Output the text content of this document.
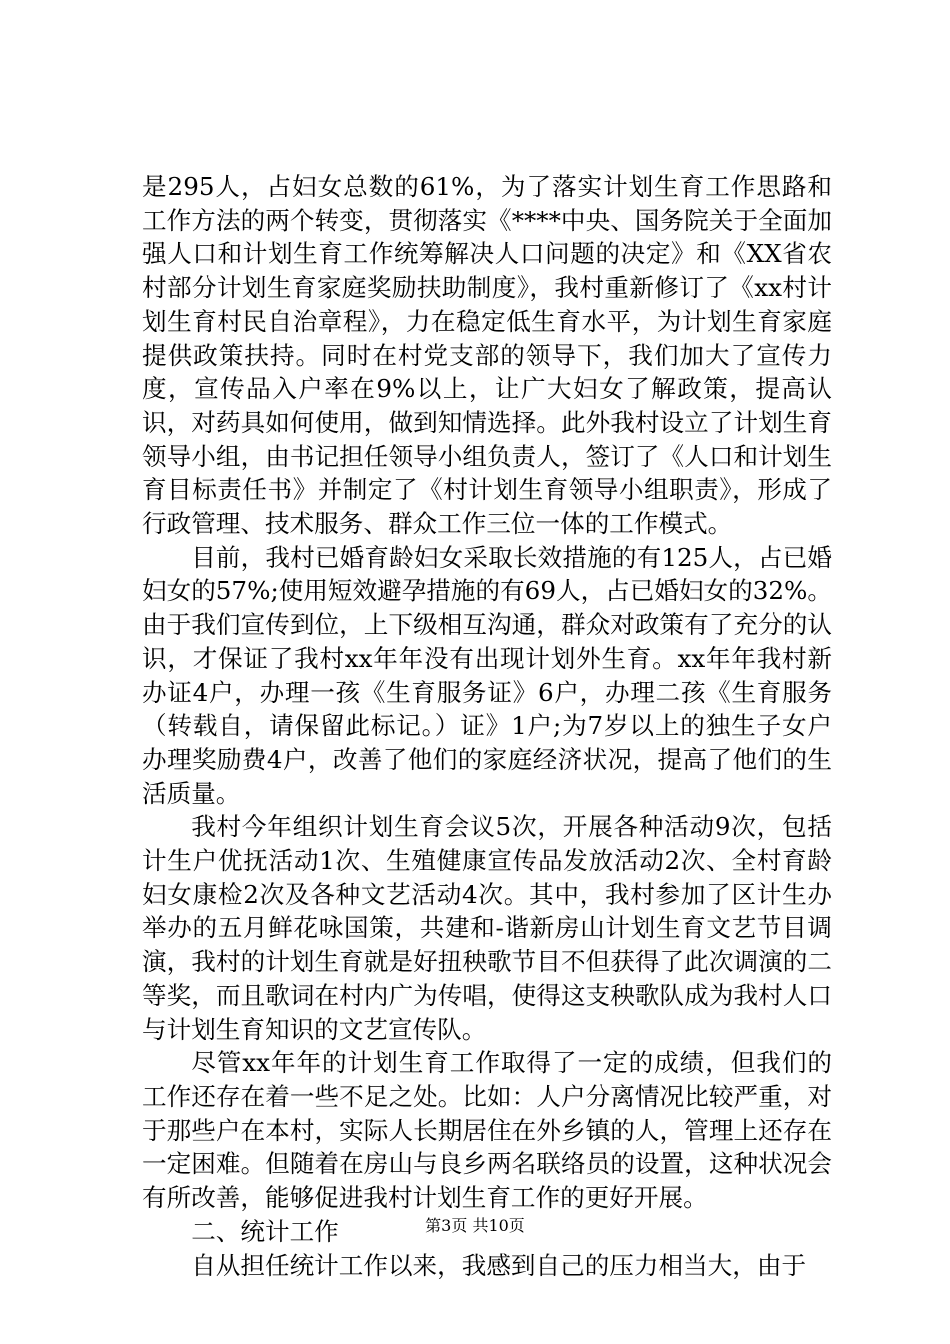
是295人，占妇女总数的61%，为了落实计划生育工作思路和工作方法的两个转变，贯彻落实《****中央、国务院关于全面加强人口和计划生育工作统筹解决人口问题的决定》和《XX省农村部分计划生育家庭奖励扶助制度》，我村重新修订了《xx村计划生育村民自治章程》，力在稳定低生育水平，为计划生育家庭提供政策扶持。同时在村党支部的领导下，我们加大了宣传力度，宣传品入户率在9%以上，让广大妇女了解政策，提高认识，对药具如何使用，做到知情选择。此外我村设立了计划生育领导小组，由书记担任领导小组负责人，签订了《人口和计划生育目标责任书》并制定了《村计划生育领导小组职责》，形成了行政管理、技术服务、群众工作三位一体的工作模式。

目前，我村已婚育龄妇女采取长效措施的有125人，占已婚妇女的57%;使用短效避孕措施的有69人，占已婚妇女的32%。由于我们宣传到位，上下级相互沟通，群众对政策有了充分的认识，才保证了我村xx年年没有出现计划外生育。xx年年我村新办证4户，办理一孩《生育服务证》6户，办理二孩《生育服务（转载自，请保留此标记。）证》1户;为7岁以上的独生子女户办理奖励费4户，改善了他们的家庭经济状况，提高了他们的生活质量。

我村今年组织计划生育会议5次，开展各种活动9次，包括计生户优抚活动1次、生殖健康宣传品发放活动2次、全村育龄妇女康检2次及各种文艺活动4次。其中，我村参加了区计生办举办的五月鲜花咏国策，共建和-谐新房山计划生育文艺节目调演，我村的计划生育就是好扭秧歌节目不但获得了此次调演的二等奖，而且歌词在村内广为传唱，使得这支秧歌队成为我村人口与计划生育知识的文艺宣传队。

尽管xx年年的计划生育工作取得了一定的成绩，但我们的工作还存在着一些不足之处。比如：人户分离情况比较严重，对于那些户在本村，实际人长期居住在外乡镇的人，管理上还存在一定困难。但随着在房山与良乡两名联络员的设置，这种状况会有所改善，能够促进我村计划生育工作的更好开展。

二、统计工作

自从担任统计工作以来，我感到自己的压力相当大，由于

第3页 共10页
